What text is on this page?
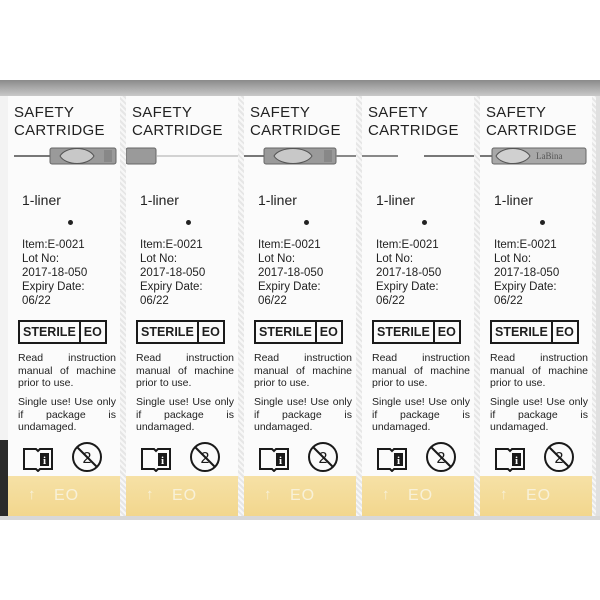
SAFETY
CARTRIDGE

1-liner
Item:E-0021
Lot No:
2017-18-050
Expiry Date:
06/22
STERILE EO
Read instruction manual of machine prior to use.
Single use! Use only if package is undamaged.
i 2
↑ EO

SAFETY
CARTRIDGE

1-liner
Item:E-0021
Lot No:
2017-18-050
Expiry Date:
06/22
STERILE EO
Read instruction manual of machine prior to use.
Single use! Use only if package is undamaged.
i 2
↑ EO

SAFETY
CARTRIDGE

1-liner
Item:E-0021
Lot No:
2017-18-050
Expiry Date:
06/22
STERILE EO
Read instruction manual of machine prior to use.
Single use! Use only if package is undamaged.
i 2
↑ EO

SAFETY
CARTRIDGE

1-liner
Item:E-0021
Lot No:
2017-18-050
Expiry Date:
06/22
STERILE EO
Read instruction manual of machine prior to use.
Single use! Use only if package is undamaged.
i 2
↑ EO

SAFETY
CARTRIDGE

LaBina
1-liner
Item:E-0021
Lot No:
2017-18-050
Expiry Date:
06/22
STERILE EO
Read instruction manual of machine prior to use.
Single use! Use only if package is undamaged.
i 2
↑ EO
